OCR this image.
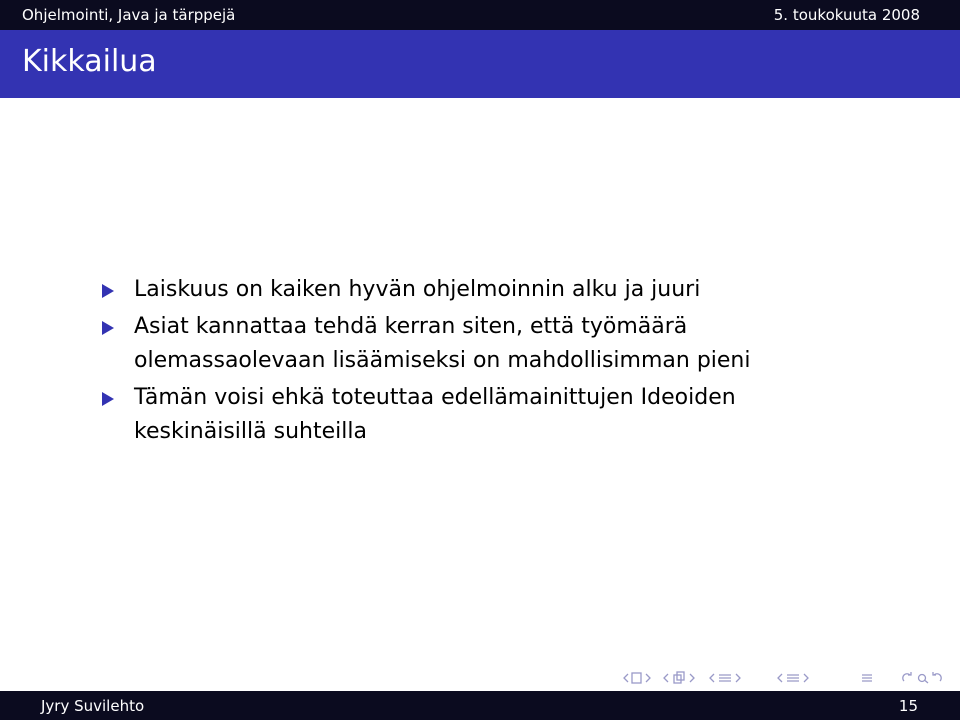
Ohjelmointi, Java ja tärppejä	5. toukokuuta 2008
Kikkailua
Laiskuus on kaiken hyvän ohjelmoinnin alku ja juuri
Asiat kannattaa tehdä kerran siten, että työmäärä
olemassaolevaan lisäämiseksi on mahdollisimman pieni
Tämän voisi ehkä toteuttaa edellämainittujen Ideoiden
keskinäisillä suhteilla
Jyry Suvilehto	15
